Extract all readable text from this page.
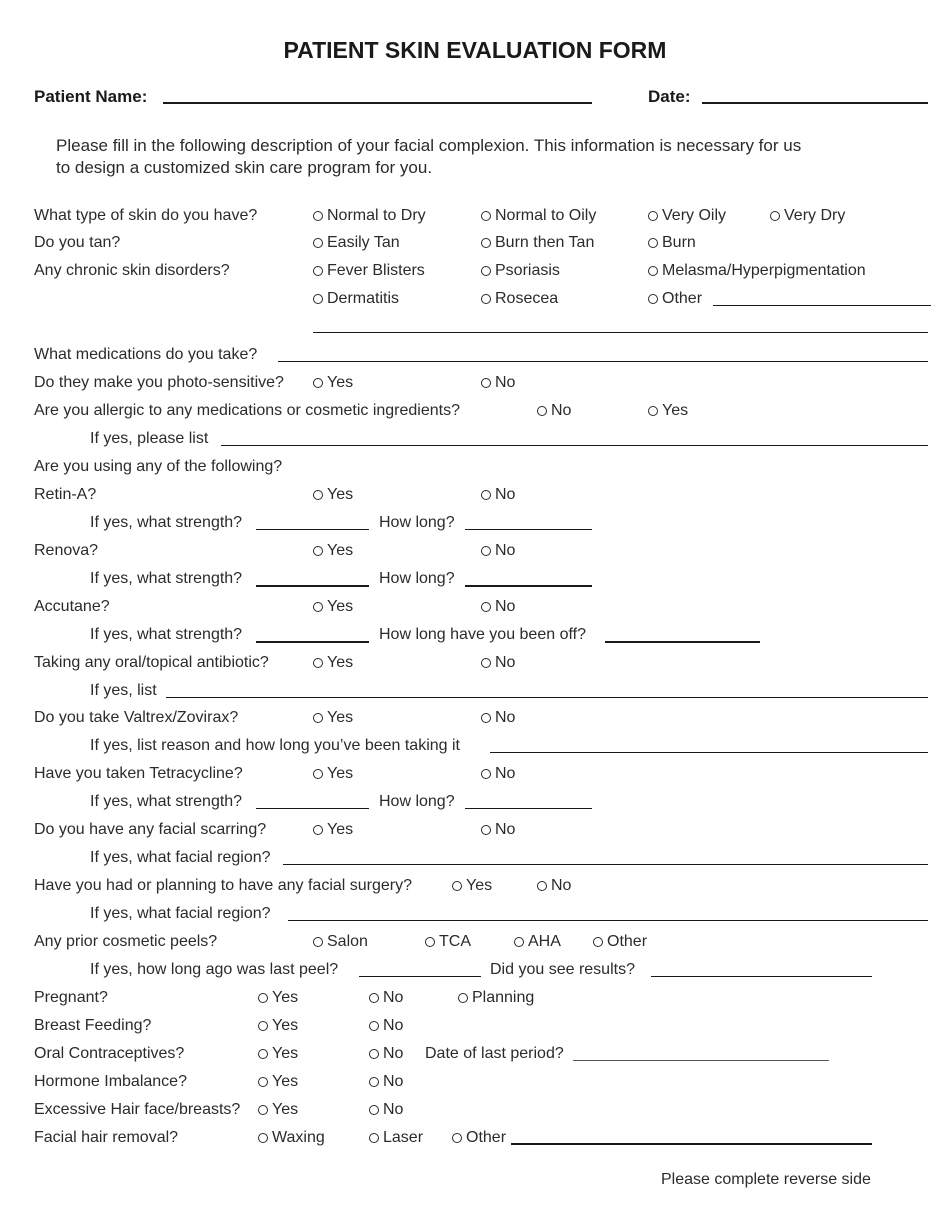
PATIENT SKIN EVALUATION FORM
Patient Name:	Date:
Please fill in the following description of your facial complexion. This information is necessary for us
to design a customized skin care program for you.
What type of skin do you have?	Normal to Dry	Normal to Oily	Very Oily	Very Dry
Do you tan?	Easily Tan	Burn then Tan	Burn
Any chronic skin disorders?	Fever Blisters	Psoriasis	Melasma/Hyperpigmentation
Dermatitis	Rosecea	Other
What medications do you take?
Do they make you photo-sensitive?	Yes	No
Are you allergic to any medications or cosmetic ingredients?	No	Yes
If yes, please list
Are you using any of the following?
Retin-A?	Yes	No
If yes, what strength?	How long?
Renova?	Yes	No
If yes, what strength?	How long?
Accutane?	Yes	No
If yes, what strength?	How long have you been off?
Taking any oral/topical antibiotic?	Yes	No
If yes, list
Do you take Valtrex/Zovirax?	Yes	No
If yes, list reason and how long you’ve been taking it
Have you taken Tetracycline?	Yes	No
If yes, what strength?	How long?
Do you have any facial scarring?	Yes	No
If yes, what facial region?
Have you had or planning to have any facial surgery?	Yes	No
If yes, what facial region?
Any prior cosmetic peels?	Salon	TCA	AHA	Other
If yes, how long ago was last peel?	Did you see results?
Pregnant?	Yes	No	Planning
Breast Feeding?	Yes	No
Oral Contraceptives?	Yes	No Date of last period?
Hormone Imbalance?	Yes	No
Excessive Hair face/breasts? Yes	No
Facial hair removal?	Waxing	Laser	Other
Please complete reverse side
